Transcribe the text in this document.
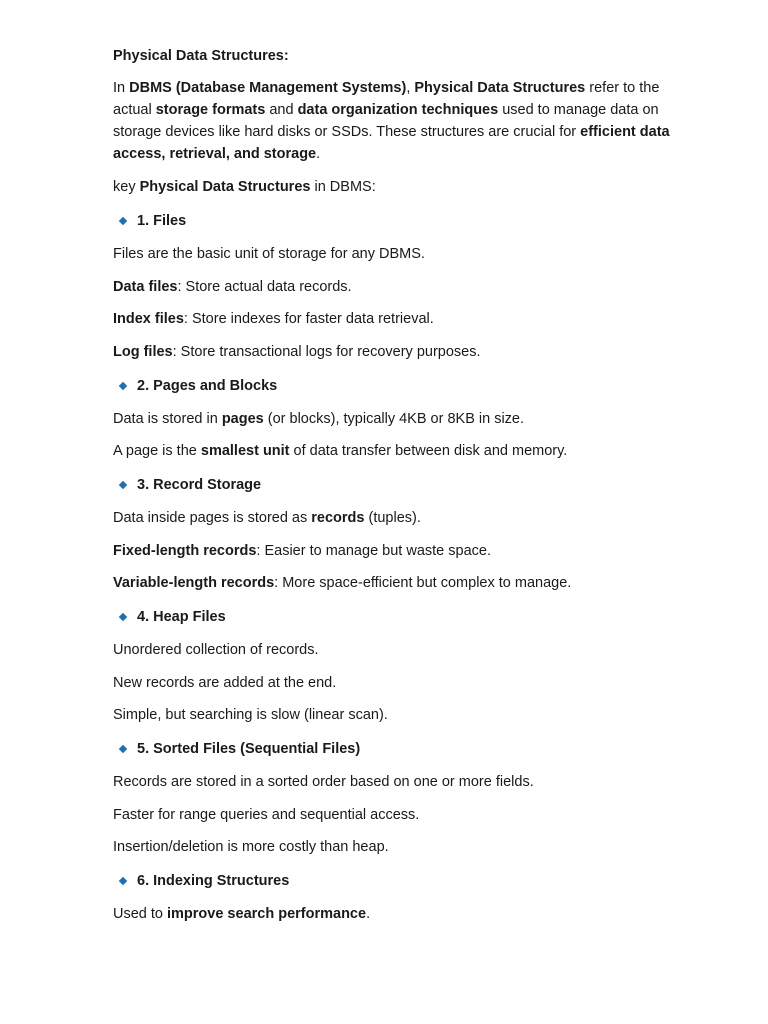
Physical Data Structures:

In DBMS (Database Management Systems), Physical Data Structures refer to the actual storage formats and data organization techniques used to manage data on storage devices like hard disks or SSDs. These structures are crucial for efficient data access, retrieval, and storage.

key Physical Data Structures in DBMS:

1. Files

Files are the basic unit of storage for any DBMS.

Data files: Store actual data records.

Index files: Store indexes for faster data retrieval.

Log files: Store transactional logs for recovery purposes.

2. Pages and Blocks

Data is stored in pages (or blocks), typically 4KB or 8KB in size.

A page is the smallest unit of data transfer between disk and memory.

3. Record Storage

Data inside pages is stored as records (tuples).

Fixed-length records: Easier to manage but waste space.

Variable-length records: More space-efficient but complex to manage.

4. Heap Files

Unordered collection of records.

New records are added at the end.

Simple, but searching is slow (linear scan).

5. Sorted Files (Sequential Files)

Records are stored in a sorted order based on one or more fields.

Faster for range queries and sequential access.

Insertion/deletion is more costly than heap.

6. Indexing Structures

Used to improve search performance.
